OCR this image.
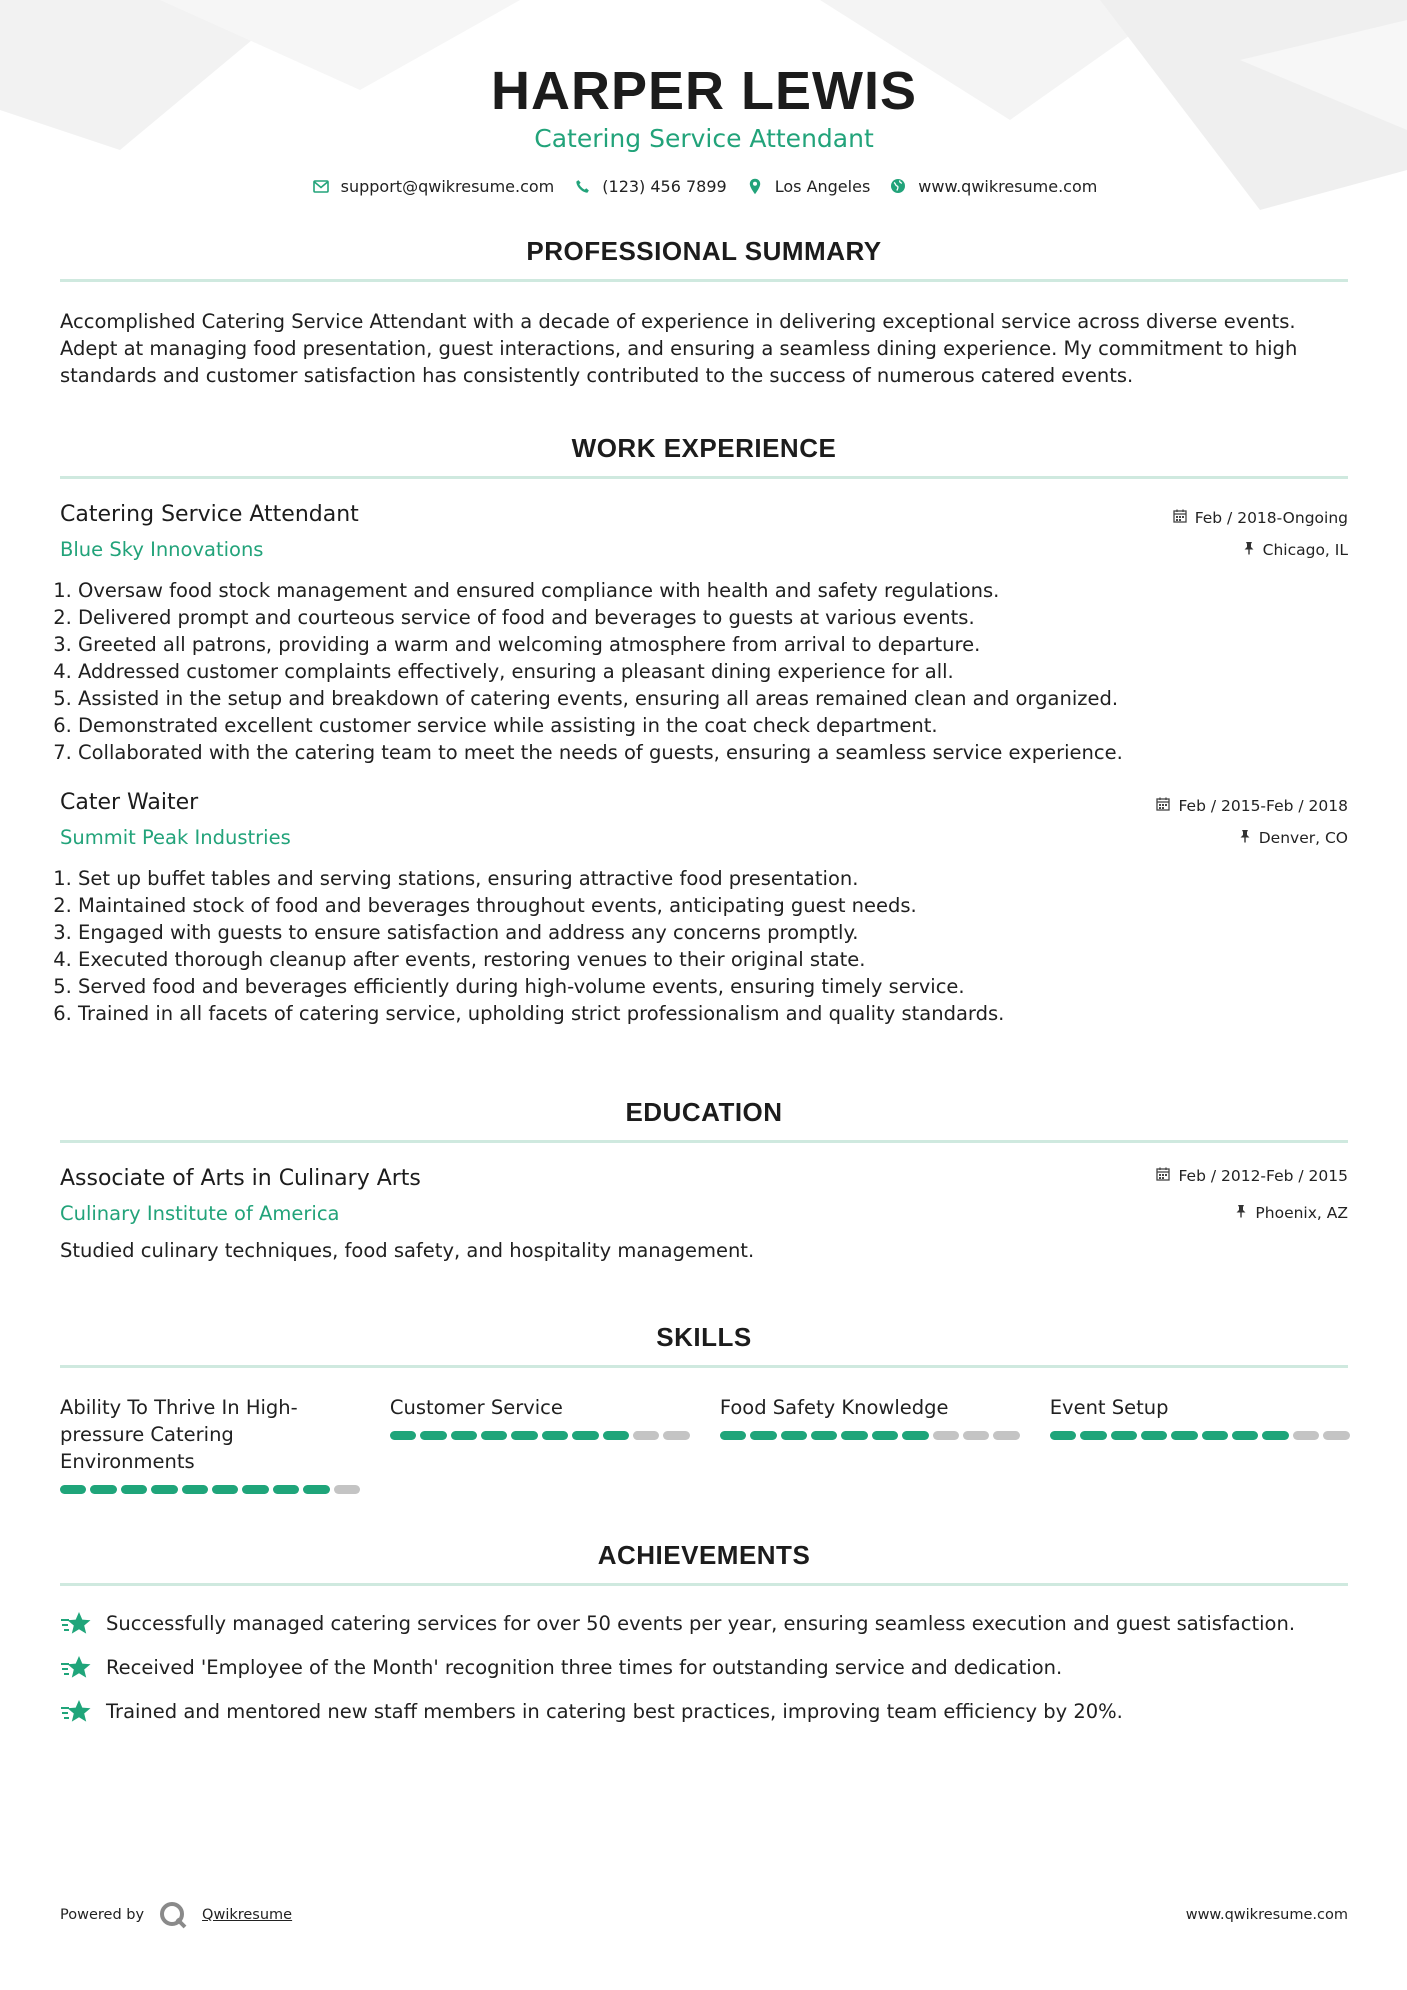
HARPER LEWIS
Catering Service Attendant
support@qwikresume.com	(123) 456 7899	Los Angeles	www.qwikresume.com
PROFESSIONAL SUMMARY
Accomplished Catering Service Attendant with a decade of experience in delivering exceptional service across diverse events. Adept at managing food presentation, guest interactions, and ensuring a seamless dining experience. My commitment to high standards and customer satisfaction has consistently contributed to the success of numerous catered events.
WORK EXPERIENCE
Catering Service Attendant
Blue Sky Innovations
Feb / 2018-Ongoing
Chicago, IL
1. Oversaw food stock management and ensured compliance with health and safety regulations.
2. Delivered prompt and courteous service of food and beverages to guests at various events.
3. Greeted all patrons, providing a warm and welcoming atmosphere from arrival to departure.
4. Addressed customer complaints effectively, ensuring a pleasant dining experience for all.
5. Assisted in the setup and breakdown of catering events, ensuring all areas remained clean and organized.
6. Demonstrated excellent customer service while assisting in the coat check department.
7. Collaborated with the catering team to meet the needs of guests, ensuring a seamless service experience.
Cater Waiter
Summit Peak Industries
Feb / 2015-Feb / 2018
Denver, CO
1. Set up buffet tables and serving stations, ensuring attractive food presentation.
2. Maintained stock of food and beverages throughout events, anticipating guest needs.
3. Engaged with guests to ensure satisfaction and address any concerns promptly.
4. Executed thorough cleanup after events, restoring venues to their original state.
5. Served food and beverages efficiently during high-volume events, ensuring timely service.
6. Trained in all facets of catering service, upholding strict professionalism and quality standards.
EDUCATION
Associate of Arts in Culinary Arts
Culinary Institute of America
Feb / 2012-Feb / 2015
Phoenix, AZ
Studied culinary techniques, food safety, and hospitality management.
SKILLS
Ability To Thrive In High-pressure Catering Environments
Customer Service	Food Safety Knowledge	Event Setup
ACHIEVEMENTS
Successfully managed catering services for over 50 events per year, ensuring seamless execution and guest satisfaction.
Received 'Employee of the Month' recognition three times for outstanding service and dedication.
Trained and mentored new staff members in catering best practices, improving team efficiency by 20%.
Powered by	Qwikresume	www.qwikresume.com
